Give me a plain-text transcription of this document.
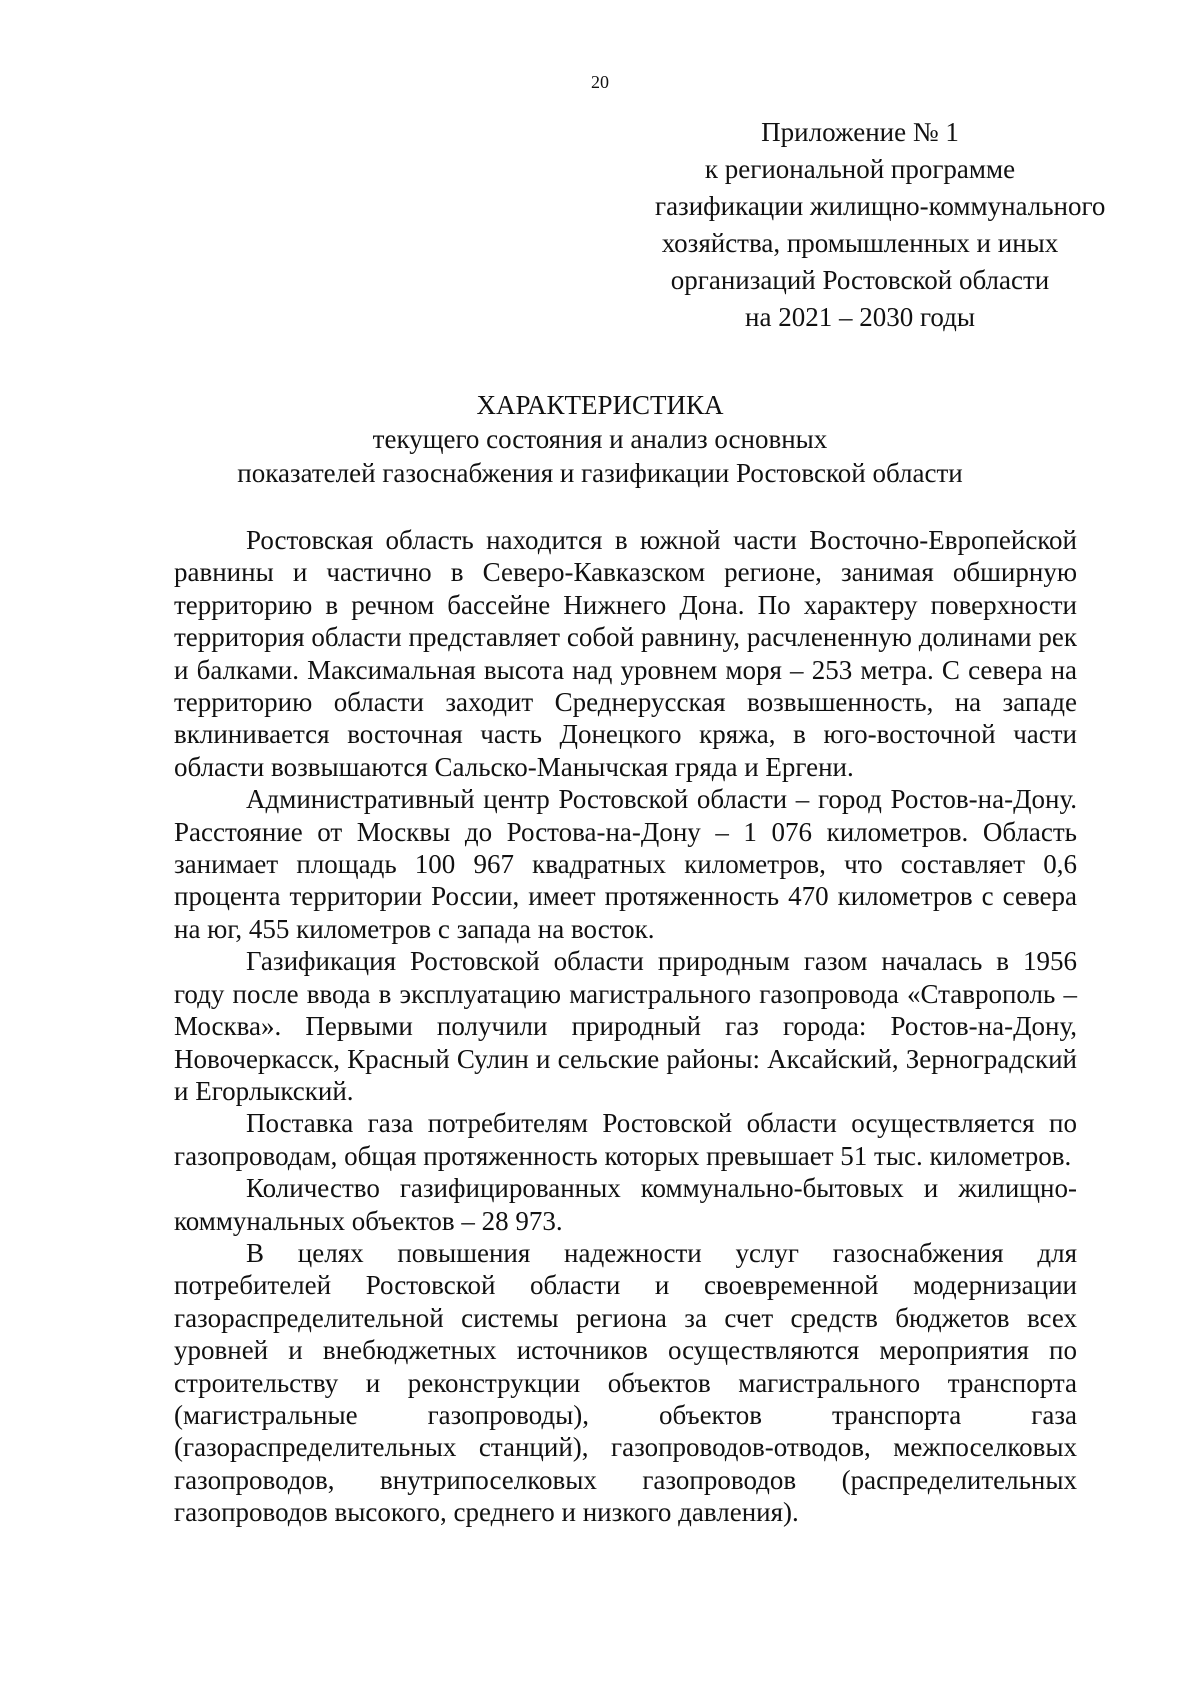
20
Приложение № 1
к региональной программе
газификации жилищно-коммунального
хозяйства, промышленных и иных
организаций Ростовской области
на 2021 – 2030 годы
ХАРАКТЕРИСТИКА
текущего состояния и анализ основных
показателей газоснабжения и газификации Ростовской области

Ростовская область находится в южной части Восточно-Европейской равнины и частично в Северо-Кавказском регионе, занимая обширную территорию в речном бассейне Нижнего Дона. По характеру поверхности территория области представляет собой равнину, расчлененную долинами рек и балками. Максимальная высота над уровнем моря – 253 метра. С севера на территорию области заходит Среднерусская возвышенность, на западе вклинивается восточная часть Донецкого кряжа, в юго-восточной части области возвышаются Сальско-Манычская гряда и Ергени.

Административный центр Ростовской области – город Ростов-на-Дону. Расстояние от Москвы до Ростова-на-Дону – 1 076 километров. Область занимает площадь 100 967 квадратных километров, что составляет 0,6 процента территории России, имеет протяженность 470 километров с севера на юг, 455 километров с запада на восток.

Газификация Ростовской области природным газом началась в 1956 году после ввода в эксплуатацию магистрального газопровода «Ставрополь – Москва». Первыми получили природный газ города: Ростов-на-Дону, Новочеркасск, Красный Сулин и сельские районы: Аксайский, Зерноградский и Егорлыкский.

Поставка газа потребителям Ростовской области осуществляется по газопроводам, общая протяженность которых превышает 51 тыс. километров.

Количество газифицированных коммунально-бытовых и жилищно-коммунальных объектов – 28 973.

В целях повышения надежности услуг газоснабжения для потребителей Ростовской области и своевременной модернизации газораспределительной системы региона за счет средств бюджетов всех уровней и внебюджетных источников осуществляются мероприятия по строительству и реконструкции объектов магистрального транспорта (магистральные газопроводы), объектов транспорта газа (газораспределительных станций), газопроводов-отводов, межпоселковых газопроводов, внутрипоселковых газопроводов (распределительных газопроводов высокого, среднего и низкого давления).
